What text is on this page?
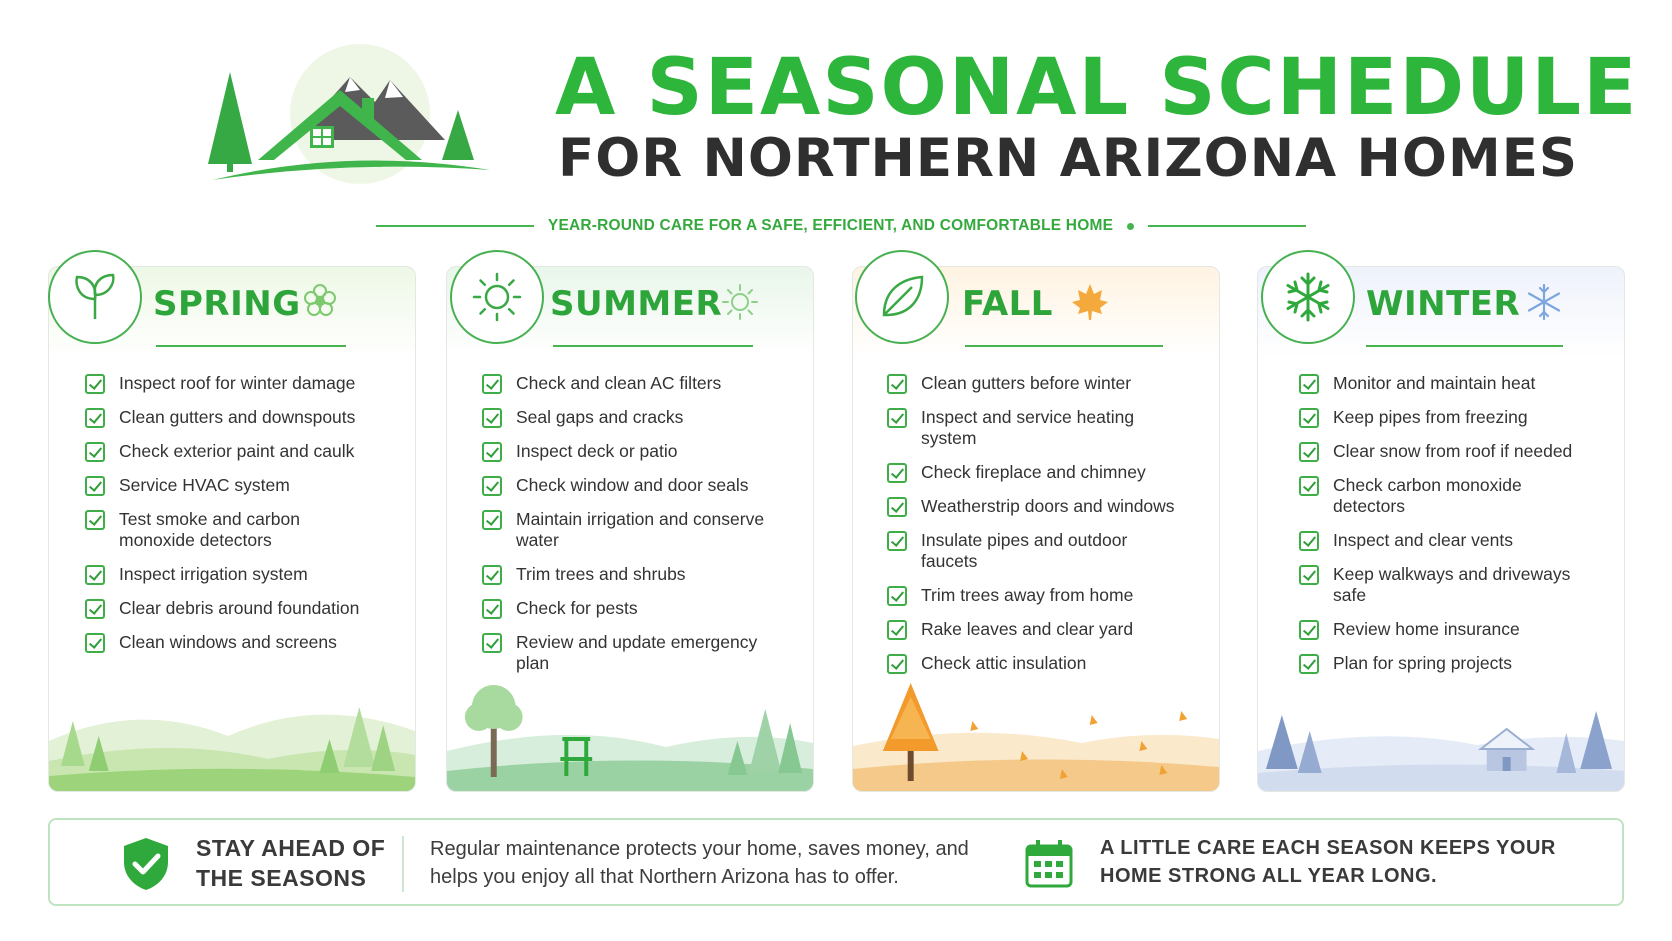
A SEASONAL SCHEDULE
FOR NORTHERN ARIZONA HOMES
YEAR-ROUND CARE FOR A SAFE, EFFICIENT, AND COMFORTABLE HOME
SPRING
Inspect roof for winter damage
Clean gutters and downspouts
Check exterior paint and caulk
Service HVAC system
Test smoke and carbon monoxide detectors
Inspect irrigation system
Clear debris around foundation
Clean windows and screens
SUMMER
Check and clean AC filters
Seal gaps and cracks
Inspect deck or patio
Check window and door seals
Maintain irrigation and conserve water
Trim trees and shrubs
Check for pests
Review and update emergency plan
FALL
Clean gutters before winter
Inspect and service heating system
Check fireplace and chimney
Weatherstrip doors and windows
Insulate pipes and outdoor faucets
Trim trees away from home
Rake leaves and clear yard
Check attic insulation
WINTER
Monitor and maintain heat
Keep pipes from freezing
Clear snow from roof if needed
Check carbon monoxide detectors
Inspect and clear vents
Keep walkways and driveways safe
Review home insurance
Plan for spring projects
STAY AHEAD OF THE SEASONS
Regular maintenance protects your home, saves money, and helps you enjoy all that Northern Arizona has to offer.
A LITTLE CARE EACH SEASON KEEPS YOUR HOME STRONG ALL YEAR LONG.
